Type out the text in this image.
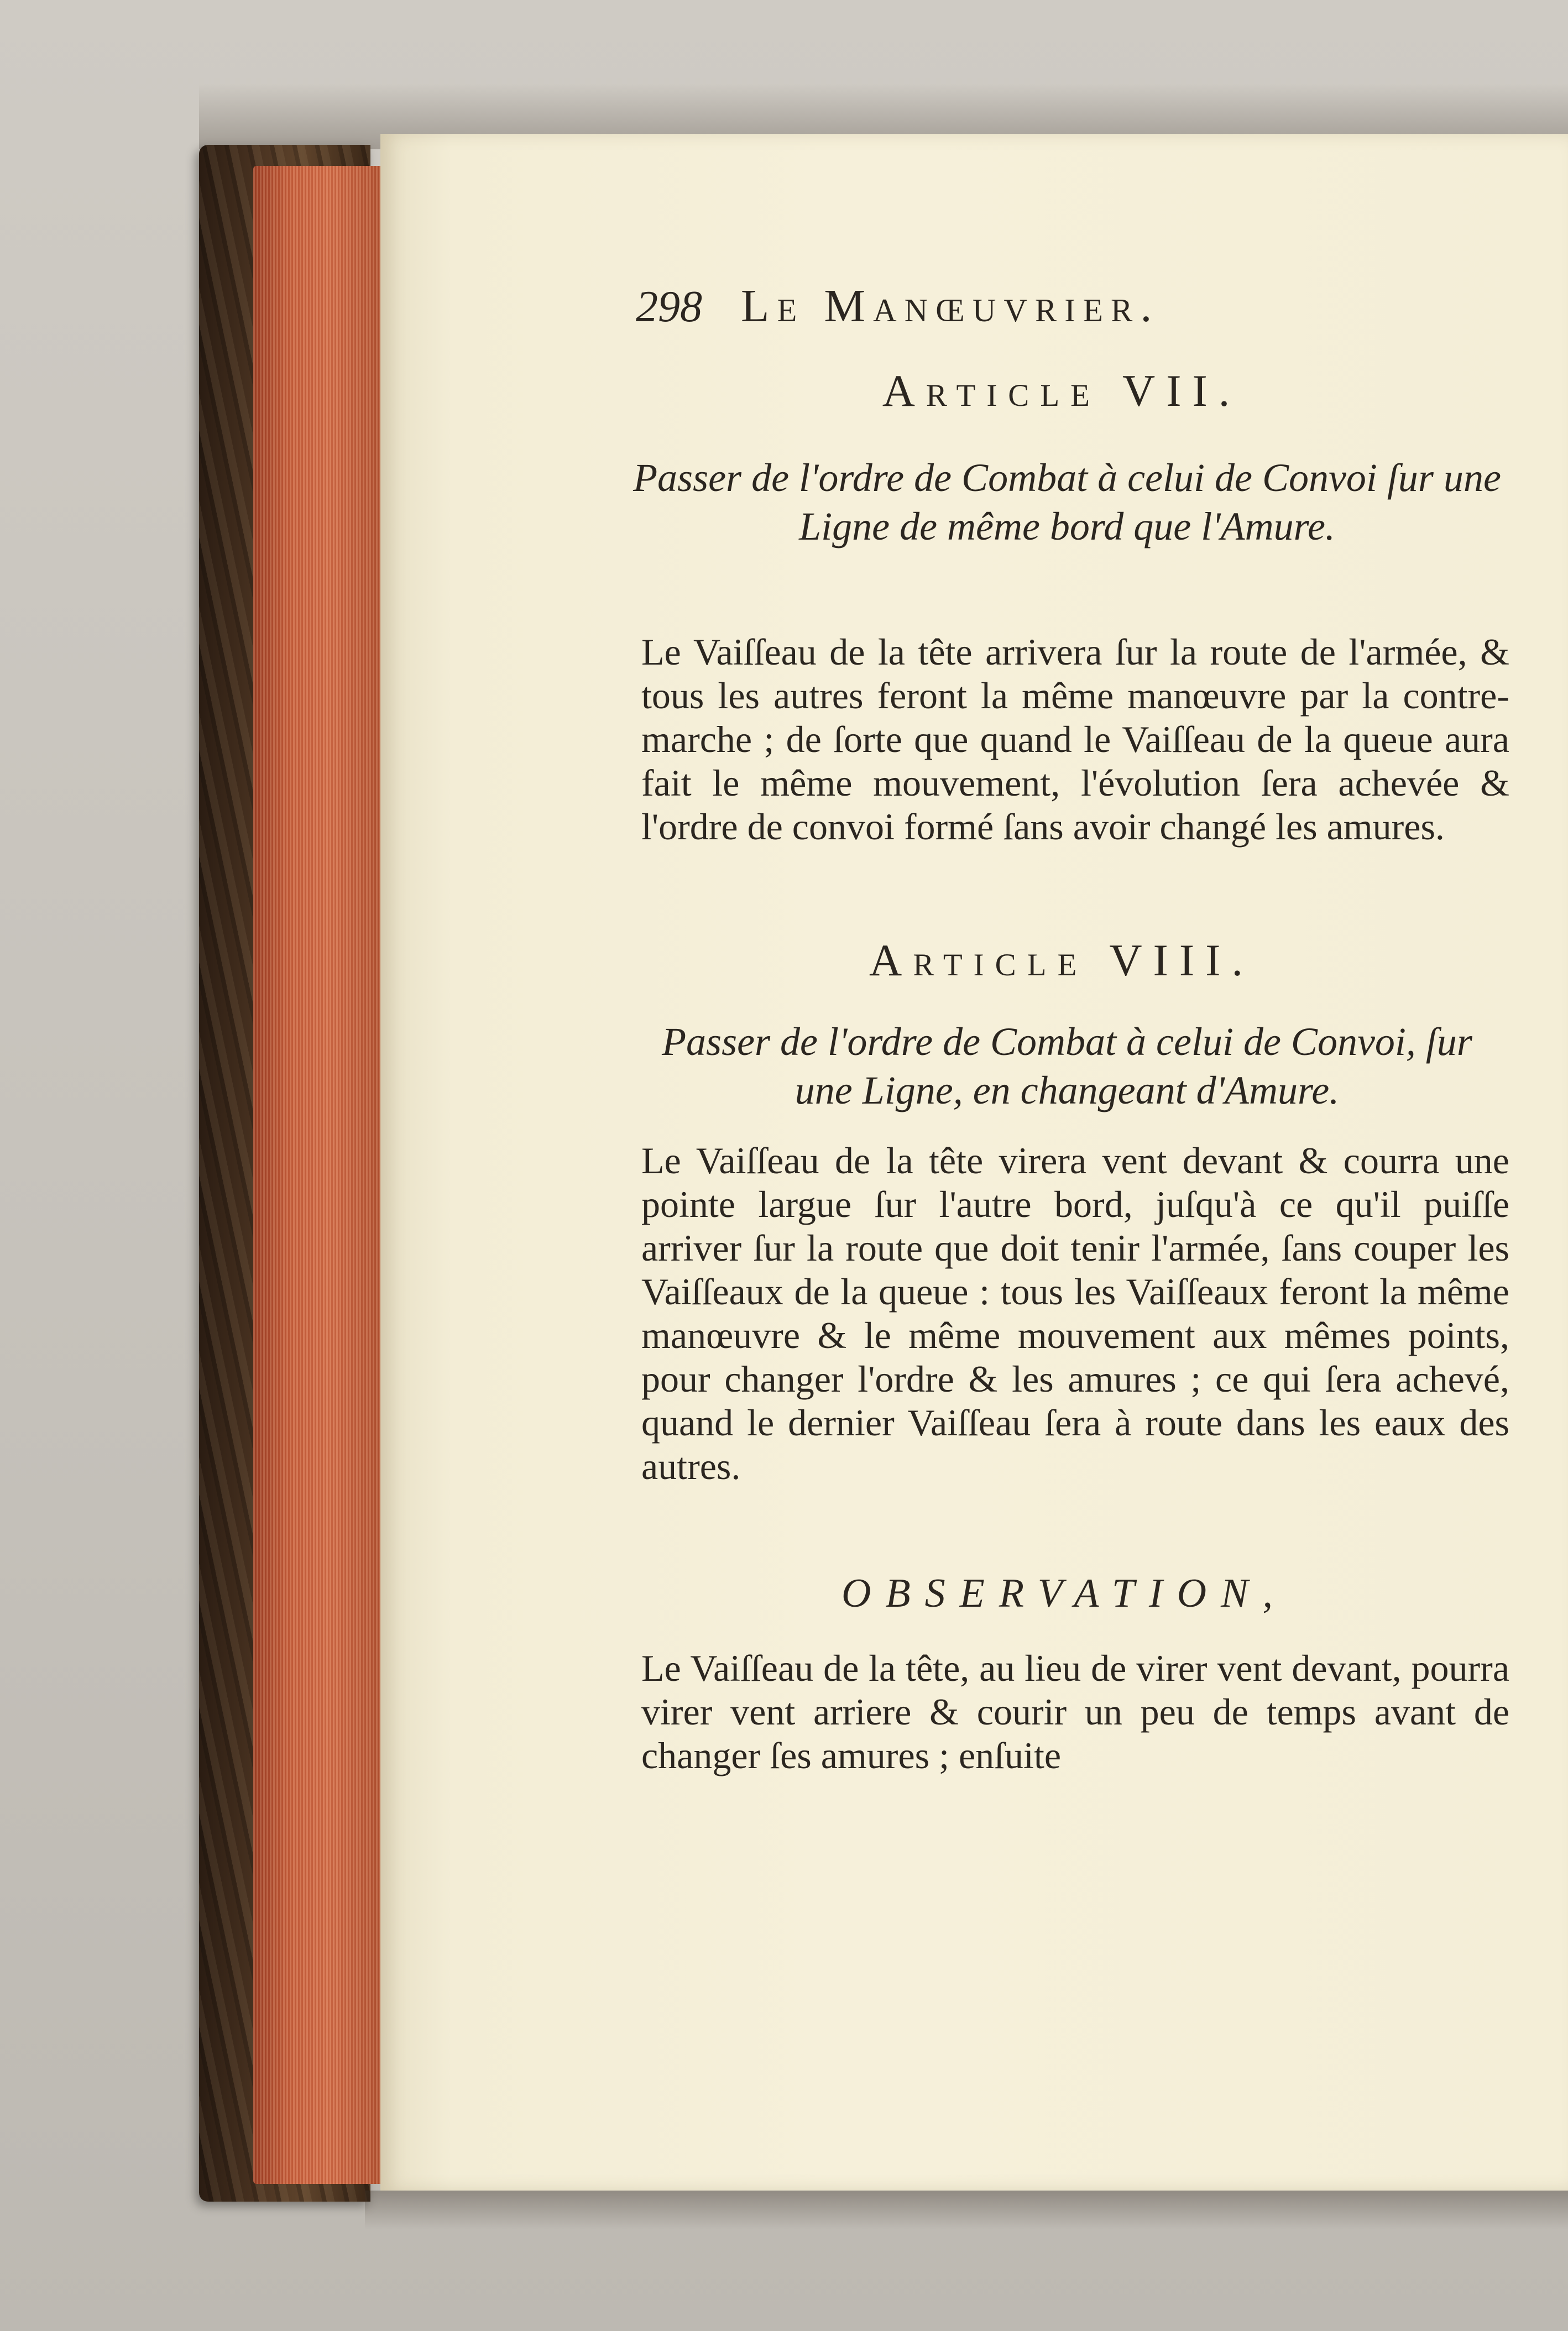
298 Le Manœuvrier.
Article VII.
Passer de l'ordre de Combat à celui de Convoi ſur une Ligne de même bord que l'Amure.
Le Vaiſſeau de la tête arrivera ſur la route de l'armée, & tous les autres feront la même manœuvre par la contre-marche ; de ſorte que quand le Vaiſſeau de la queue aura fait le même mouvement, l'évolution ſera achevée & l'ordre de convoi formé ſans avoir changé les amures.
Article VIII.
Passer de l'ordre de Combat à celui de Convoi, ſur une Ligne, en changeant d'Amure.
Le Vaiſſeau de la tête virera vent devant & courra une pointe largue ſur l'autre bord, juſqu'à ce qu'il puiſſe arriver ſur la route que doit tenir l'armée, ſans couper les Vaiſſeaux de la queue : tous les Vaiſſeaux feront la même manœuvre & le même mouvement aux mêmes points, pour changer l'ordre & les amures ; ce qui ſera achevé, quand le dernier Vaiſſeau ſera à route dans les eaux des autres.
OBSERVATION,
Le Vaiſſeau de la tête, au lieu de virer vent devant, pourra virer vent arriere & courir un peu de temps avant de changer ſes amures ; enſuite
